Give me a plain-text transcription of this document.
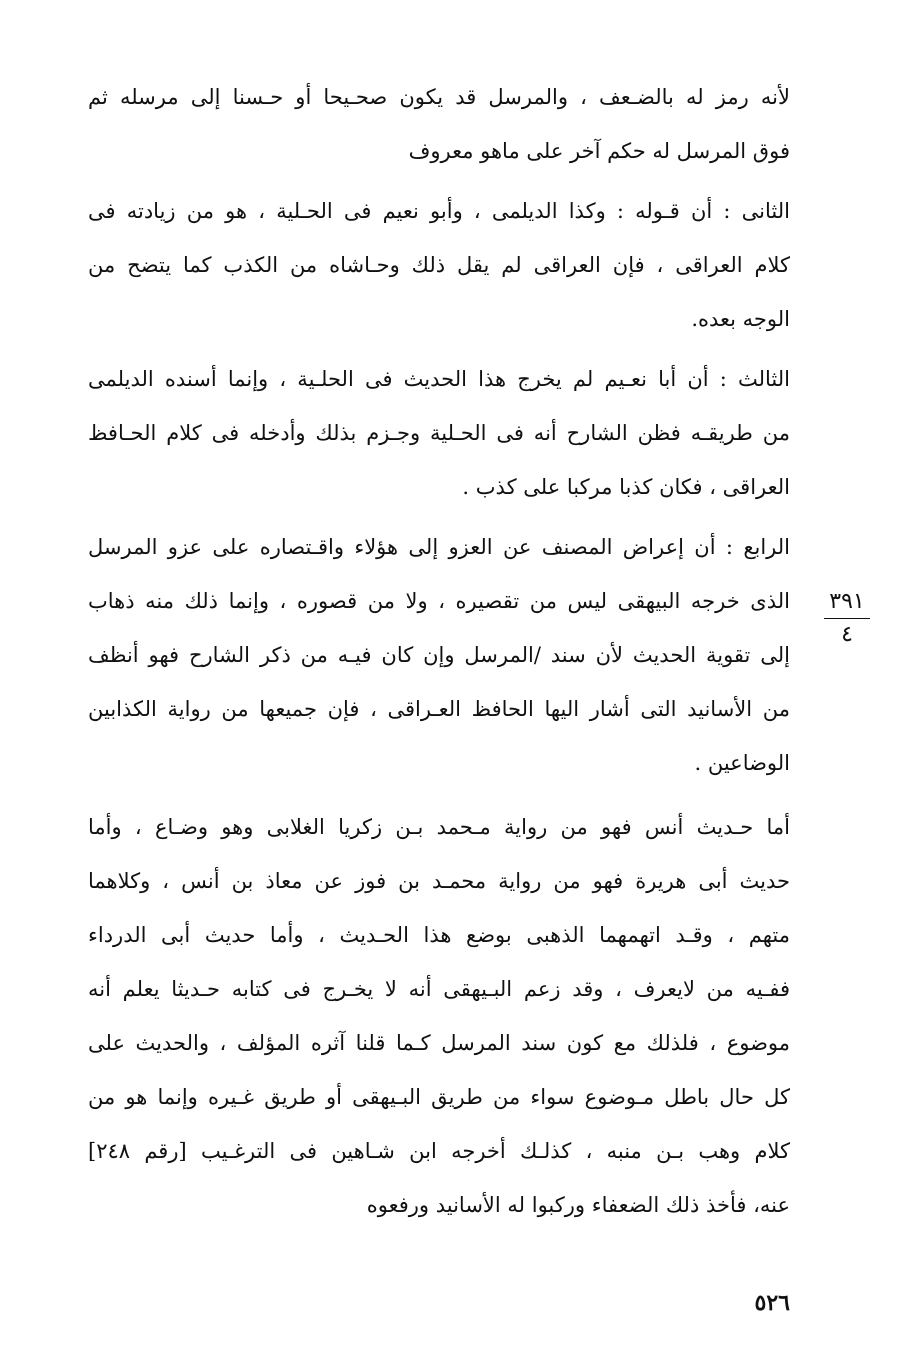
لأنه رمز له بالضـعف ، والمرسل قد يكون صحـيحا أو حـسنا إلى مرسله ثم
فوق المرسل له حكم آخر على ماهو معروف
الثانى : أن قـوله : وكذا الديلمى ، وأبو نعيم فى الحـلية ، هو من زيادته فى
كلام العراقى ، فإن العراقى لم يقل ذلك وحـاشاه من الكذب كما يتضح من
الوجه بعده.
الثالث : أن أبا نعـيم لم يخرج هذا الحديث فى الحلـية ، وإنما أسنده الديلمى
من طريقـه فظن الشارح أنه فى الحـلية وجـزم بذلك وأدخله فى كلام الحـافظ
العراقى ، فكان كذبا مركبا على كذب .
الرابع : أن إعراض المصنف عن العزو إلى هؤلاء واقـتصاره على عزو المرسل
الذى خرجه البيهقى ليس من تقصيره ، ولا من قصوره ، وإنما ذلك منه ذهاب
إلى تقوية الحديث لأن سند /المرسل وإن كان فيـه من ذكر الشارح فهو أنظف
من الأسانيد التى أشار اليها الحافظ العـراقى ، فإن جميعها من رواية الكذابين
الوضاعين .
أما حـديث أنس فهو من رواية مـحمد بـن زكريا الغلابى وهو وضـاع ، وأما
حديث أبى هريرة فهو من رواية محمـد بن فوز عن معاذ بن أنس ، وكلاهما
متهم ، وقـد اتهمهما الذهبى بوضع هذا الحـديث ، وأما حديث أبى الدرداء
ففـيه من لايعرف ، وقد زعم البـيهقى أنه لا يخـرج فى كتابه حـديثا يعلم أنه
موضوع ، فلذلك مع كون سند المرسل كـما قلنا آثره المؤلف ، والحديث على
كل حال باطل مـوضوع سواء من طريق البـيهقى أو طريق غـيره وإنما هو من
كلام وهب بـن منبه ، كذلـك أخرجه ابن شـاهين فى الترغـيب [رقم ٢٤٨]
عنه، فأخذ ذلك الضعفاء وركبوا له الأسانيد ورفعوه
٣٩١
٤
٥٢٦
